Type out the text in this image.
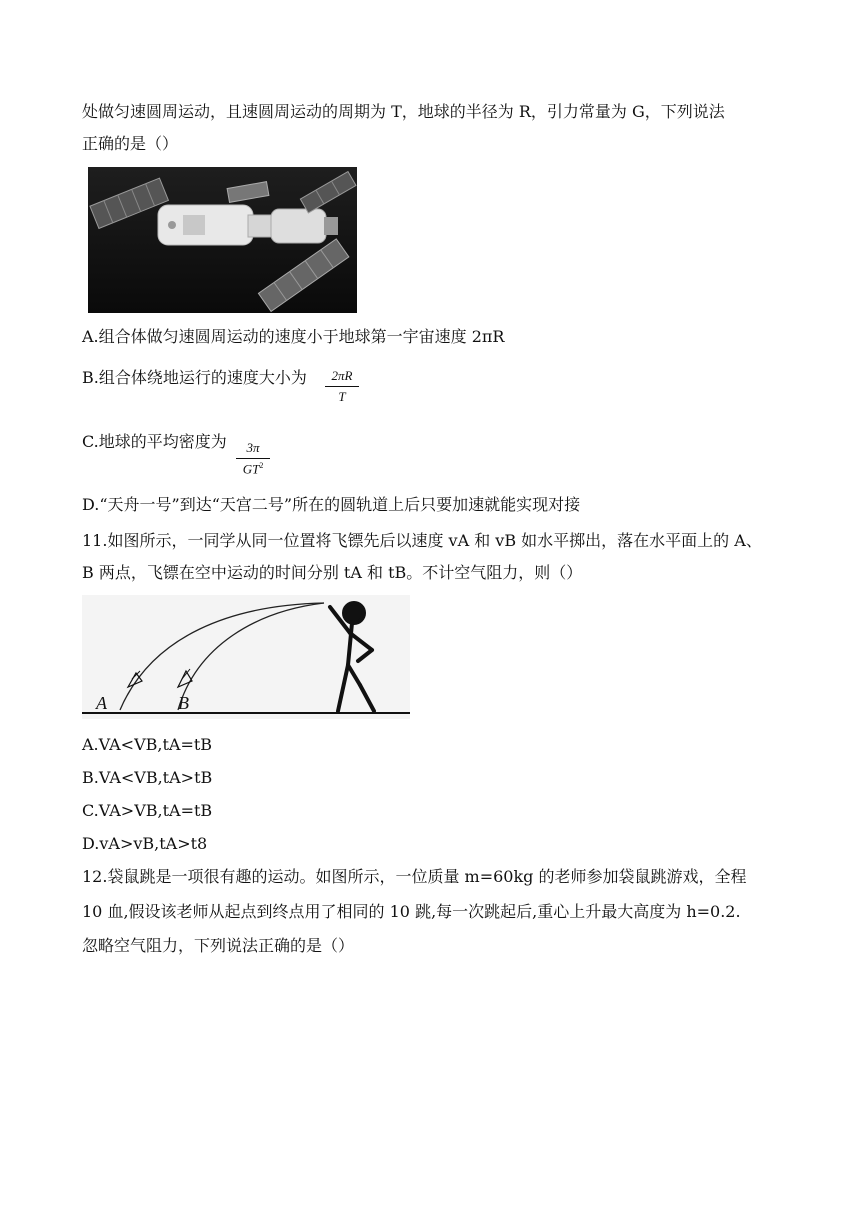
处做匀速圆周运动，且速圆周运动的周期为 T，地球的半径为 R，引力常量为 G，下列说法
正确的是（）
A.组合体做匀速圆周运动的速度小于地球第一宇宙速度 2πR
B.组合体绕地运行的速度大小为	2πR
T
C.地球的平均密度为	3π
$GT^2$
D.“天舟一号”到达“天宫二号”所在的圆轨道上后只要加速就能实现对接
11.如图所示，一同学从同一位置将飞镖先后以速度 vA 和 vB 如水平掷出，落在水平面上的 A、
B 两点，飞镖在空中运动的时间分别 tA 和 tB。不计空气阻力，则（）
A	B
A.VA<VB,tA=tB
B.VA<VB,tA>tB
C.VA>VB,tA=tB
D.vA>vB,tA>t8
12.袋鼠跳是一项很有趣的运动。如图所示，一位质量 m=60kg 的老师参加袋鼠跳游戏，全程
10 血,假设该老师从起点到终点用了相同的 10 跳,每一次跳起后,重心上升最大高度为 h=0.2.
忽略空气阻力，下列说法正确的是（）
